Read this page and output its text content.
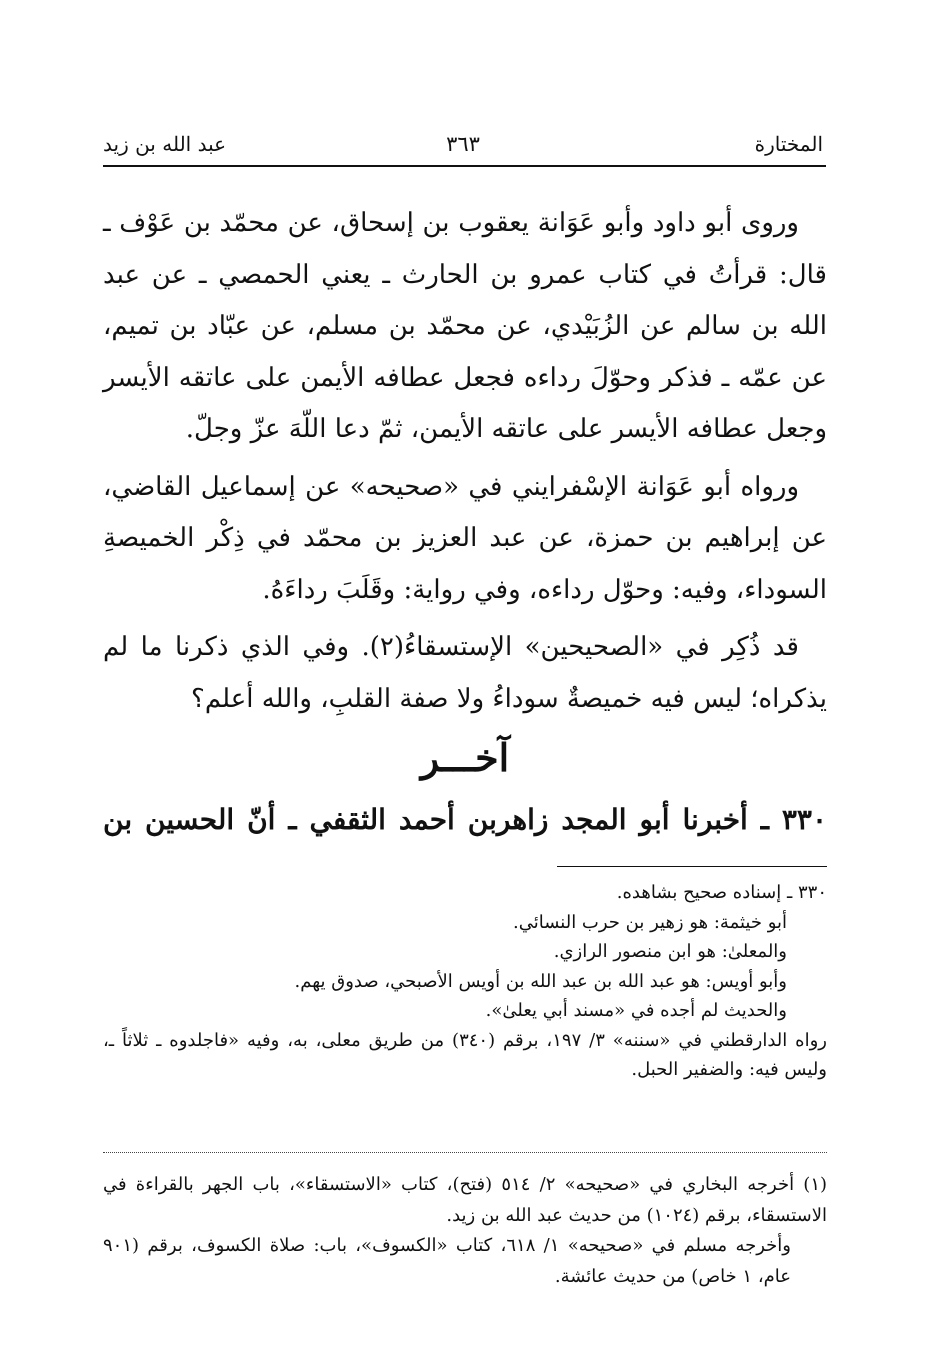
المختارة
٣٦٣
عبد الله بن زيد

وروى أبو داود وأبو عَوَانة يعقوب بن إسحاق، عن محمّد بن عَوْف ـ قال: قرأتُ في كتاب عمرو بن الحارث ـ يعني الحمصي ـ عن عبد الله بن سالم عن الزُبَيْدي، عن محمّد بن مسلم، عن عبّاد بن تميم، عن عمّه ـ فذكر وحوّلَ رداءه فجعل عطافه الأيمن على عاتقه الأيسر وجعل عطافه الأيسر على عاتقه الأيمن، ثمّ دعا اللّهَ عزّ وجلّ.

ورواه أبو عَوَانة الإسْفرايني في «صحيحه» عن إسماعيل القاضي، عن إبراهيم بن حمزة، عن عبد العزيز بن محمّد في ذِكْر الخميصةِ السوداء، وفيه: وحوّل رداءه، وفي رواية: وقَلَبَ رداءَهُ.

قد ذُكِر في «الصحيحين» الإستسقاءُ(٢). وفي الذي ذكرنا ما لم يذكراه؛ ليس فيه خميصةٌ سوداءُ ولا صفة القلبِ، والله أعلم؟

آخـــر
٣٣٠ ـ أخبرنا أبو المجد زاهربن أحمد الثقفي ـ أنّ الحسين بن

٣٣٠ ـ إسناده صحيح بشاهده.

أبو خيثمة: هو زهير بن حرب النسائي.

والمعلىٰ: هو ابن منصور الرازي.

وأبو أويس: هو عبد الله بن عبد الله بن أويس الأصبحي، صدوق يهم.

والحديث لم أجده في «مسند أبي يعلىٰ».

رواه الدارقطني في «سننه» ٣/ ١٩٧، برقم (٣٤٠) من طريق معلى، به، وفيه «فاجلدوه ـ ثلاثاً ـ، وليس فيه: والضفير الحبل.

(١) أخرجه البخاري في «صحيحه» ٢/ ٥١٤ (فتح)، كتاب «الاستسقاء»، باب الجهر بالقراءة في الاستسقاء، برقم (١٠٢٤) من حديث عبد الله بن زيد.

وأخرجه مسلم في «صحيحه» ١/ ٦١٨، كتاب «الكسوف»، باب: صلاة الكسوف، برقم (٩٠١ عام، ١ خاص) من حديث عائشة.
